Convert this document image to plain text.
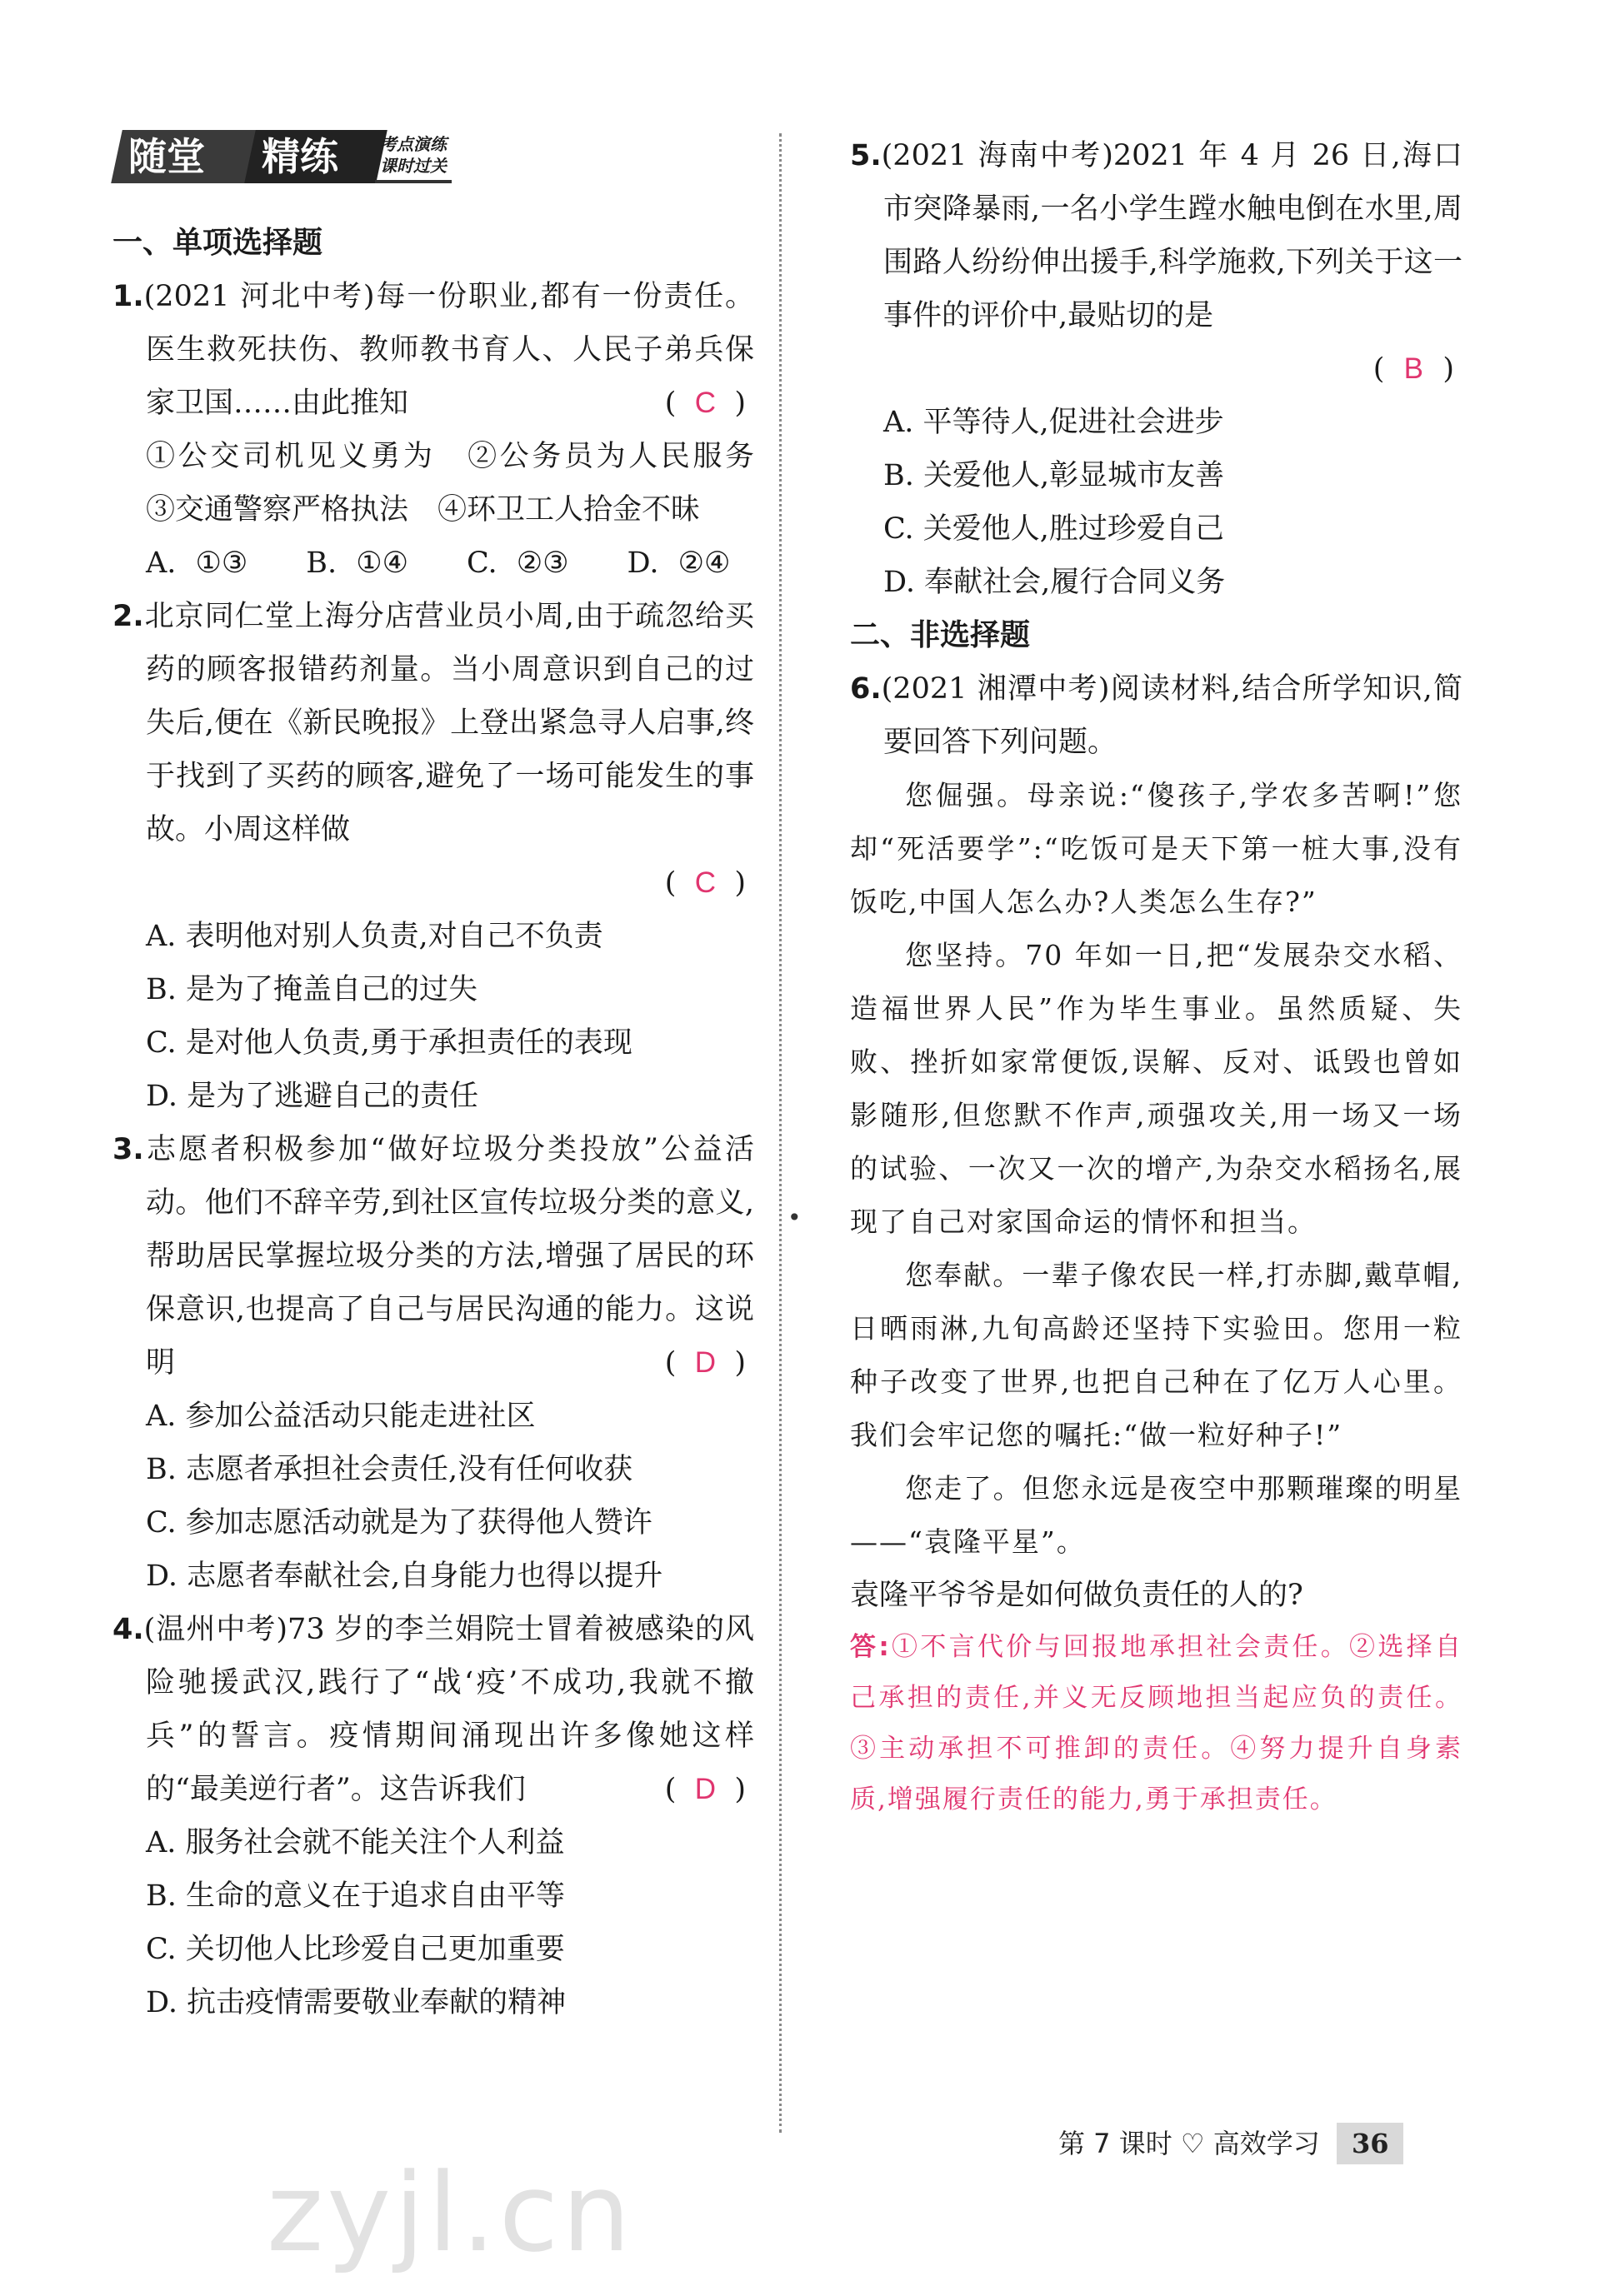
随堂	精练	考点演练
课时过关
•
一、单项选择题

1.(2021 河北中考)每一份职业,都有一份责任。医生救死扶伤、教师教书育人、人民子弟兵保家卫国……由此推知	( C )

①公交司机见义勇为　②公务员为人民服务　③交通警察严格执法　④环卫工人拾金不昧

A. ①③　　B. ①④　　C. ②③　　D. ②④

2.北京同仁堂上海分店营业员小周,由于疏忽给买药的顾客报错药剂量。当小周意识到自己的过失后,便在《新民晚报》上登出紧急寻人启事,终于找到了买药的顾客,避免了一场可能发生的事故。小周这样做

( C )

A. 表明他对别人负责,对自己不负责

B. 是为了掩盖自己的过失

C. 是对他人负责,勇于承担责任的表现

D. 是为了逃避自己的责任

3.志愿者积极参加“做好垃圾分类投放”公益活动。他们不辞辛劳,到社区宣传垃圾分类的意义,帮助居民掌握垃圾分类的方法,增强了居民的环保意识,也提高了自己与居民沟通的能力。这说明	( D )

A. 参加公益活动只能走进社区

B. 志愿者承担社会责任,没有任何收获

C. 参加志愿活动就是为了获得他人赞许

D. 志愿者奉献社会,自身能力也得以提升

4.(温州中考)73 岁的李兰娟院士冒着被感染的风险驰援武汉,践行了“战‘疫’不成功,我就不撤兵”的誓言。疫情期间涌现出许多像她这样的“最美逆行者”。这告诉我们	( D )

A. 服务社会就不能关注个人利益

B. 生命的意义在于追求自由平等

C. 关切他人比珍爱自己更加重要

D. 抗击疫情需要敬业奉献的精神

5.(2021 海南中考)2021 年 4 月 26 日,海口市突降暴雨,一名小学生蹚水触电倒在水里,周围路人纷纷伸出援手,科学施救,下列关于这一事件的评价中,最贴切的是

( B )

A. 平等待人,促进社会进步

B. 关爱他人,彰显城市友善

C. 关爱他人,胜过珍爱自己

D. 奉献社会,履行合同义务

二、非选择题

6.(2021 湘潭中考)阅读材料,结合所学知识,简要回答下列问题。

您倔强。母亲说:“傻孩子,学农多苦啊!”您却“死活要学”:“吃饭可是天下第一桩大事,没有饭吃,中国人怎么办?人类怎么生存?”

您坚持。70 年如一日,把“发展杂交水稻、造福世界人民”作为毕生事业。虽然质疑、失败、挫折如家常便饭,误解、反对、诋毁也曾如影随形,但您默不作声,顽强攻关,用一场又一场的试验、一次又一次的增产,为杂交水稻扬名,展现了自己对家国命运的情怀和担当。

您奉献。一辈子像农民一样,打赤脚,戴草帽,日晒雨淋,九旬高龄还坚持下实验田。您用一粒种子改变了世界,也把自己种在了亿万人心里。我们会牢记您的嘱托:“做一粒好种子!”

您走了。但您永远是夜空中那颗璀璨的明星——“袁隆平星”。

袁隆平爷爷是如何做负责任的人的?

答:①不言代价与回报地承担社会责任。②选择自己承担的责任,并义无反顾地担当起应负的责任。③主动承担不可推卸的责任。④努力提升自身素质,增强履行责任的能力,勇于承担责任。

zyjl.cn
第 7 课时 ♡ 高效学习 36
